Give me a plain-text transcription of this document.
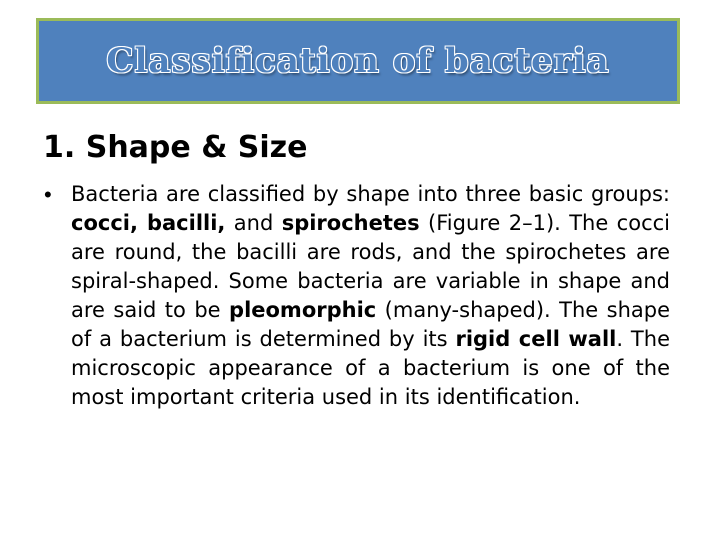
Classification of bacteria
1. Shape & Size
• Bacteria are classified by shape into three basic groups: cocci, bacilli, and spirochetes (Figure 2–1). The cocci are round, the bacilli are rods, and the spirochetes are spiral-shaped. Some bacteria are variable in shape and are said to be pleomorphic (many-shaped). The shape of a bacterium is determined by its rigid cell wall. The microscopic appearance of a bacterium is one of the most important criteria used in its identification.
